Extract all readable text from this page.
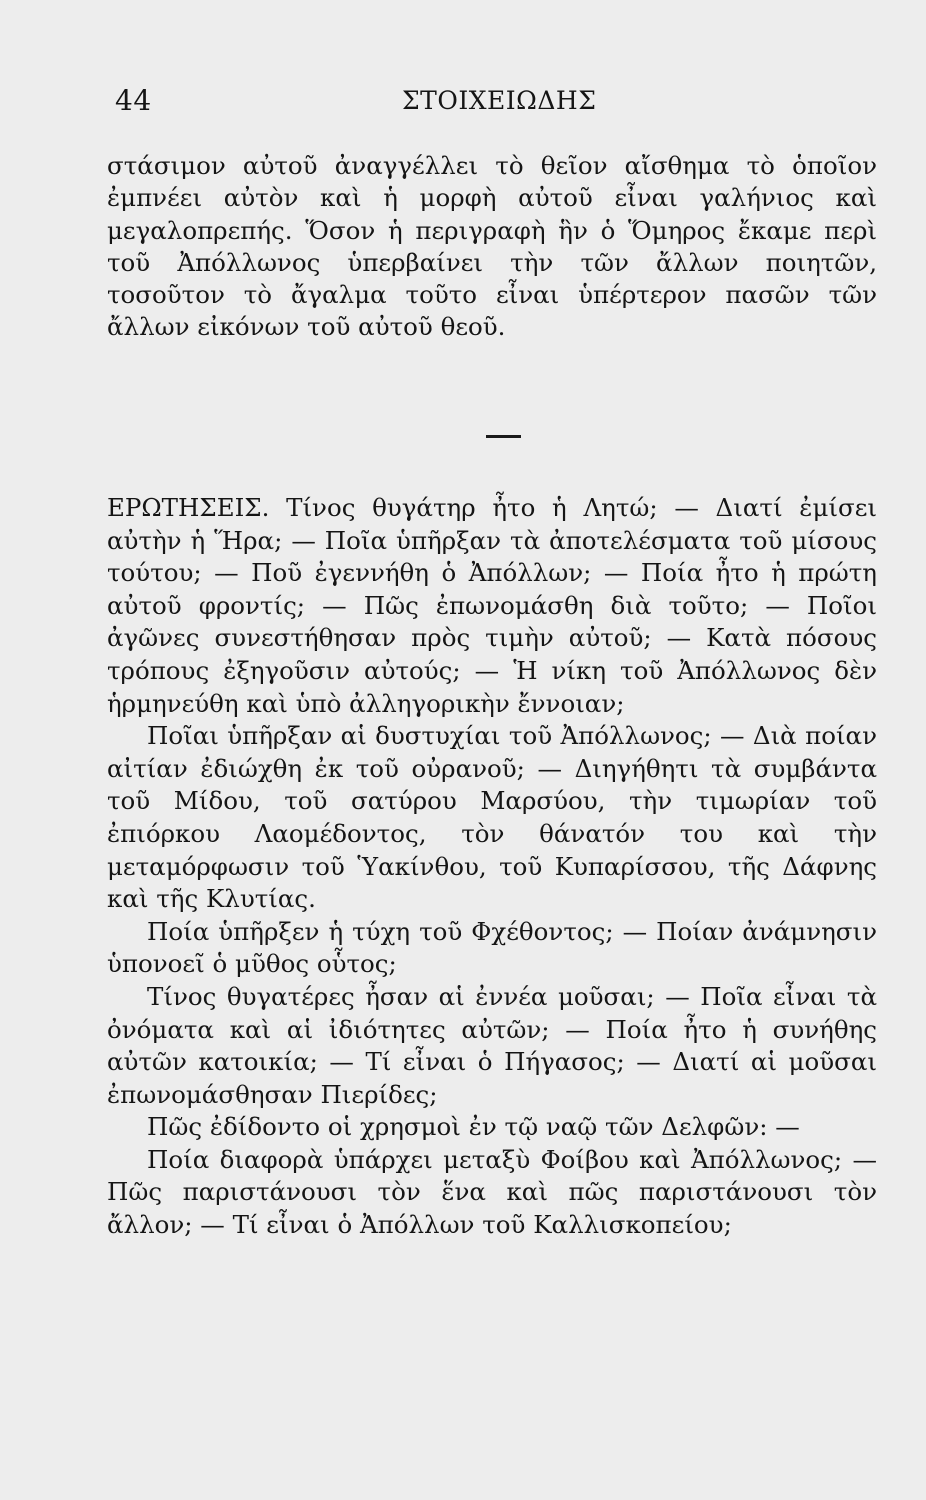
44	ΣΤΟΙΧΕΙΩΔΗΣ

στάσιμον αὐτοῦ ἀναγγέλλει τὸ θεῖον αἴσθημα τὸ ὁποῖον ἐμπνέει αὐτὸν καὶ ἡ μορφὴ αὐτοῦ εἶναι γαλήνιος καὶ μεγαλοπρεπής. Ὅσον ἡ περιγραφὴ ἣν ὁ Ὅμηρος ἔκαμε περὶ τοῦ Ἀπόλλωνος ὑπερβαίνει τὴν τῶν ἄλλων ποιητῶν, τοσοῦτον τὸ ἄγαλμα τοῦτο εἶναι ὑπέρτερον πασῶν τῶν ἄλλων εἰκόνων τοῦ αὐτοῦ θεοῦ.

ΕΡΩΤΗΣΕΙΣ. Τίνος θυγάτηρ ἦτο ἡ Λητώ; — Διατί ἐμίσει αὐτὴν ἡ Ἥρα; — Ποῖα ὑπῆρξαν τὰ ἀποτελέσματα τοῦ μίσους τούτου; — Ποῦ ἐγεννήθη ὁ Ἀπόλλων; — Ποία ἦτο ἡ πρώτη αὐτοῦ φροντίς; — Πῶς ἐπωνομάσθη διὰ τοῦτο; — Ποῖοι ἀγῶνες συνεστήθησαν πρὸς τιμὴν αὐτοῦ; — Κατὰ πόσους τρόπους ἐξηγοῦσιν αὐτούς; — Ἡ νίκη τοῦ Ἀπόλλωνος δὲν ἡρμηνεύθη καὶ ὑπὸ ἀλληγορικὴν ἔννοιαν;

Ποῖαι ὑπῆρξαν αἱ δυστυχίαι τοῦ Ἀπόλλωνος; — Διὰ ποίαν αἰτίαν ἐδιώχθη ἐκ τοῦ οὐρανοῦ; — Διηγήθητι τὰ συμβάντα τοῦ Μίδου, τοῦ σατύρου Μαρσύου, τὴν τιμωρίαν τοῦ ἐπιόρκου Λαομέδοντος, τὸν θάνατόν του καὶ τὴν μεταμόρφωσιν τοῦ Ὑακίνθου, τοῦ Κυπαρίσσου, τῆς Δάφνης καὶ τῆς Κλυτίας.

Ποία ὑπῆρξεν ἡ τύχη τοῦ Φχέθοντος; — Ποίαν ἀνάμνησιν ὑπονοεῖ ὁ μῦθος οὗτος;

Τίνος θυγατέρες ἦσαν αἱ ἐννέα μοῦσαι; — Ποῖα εἶναι τὰ ὀνόματα καὶ αἱ ἰδιότητες αὐτῶν; — Ποία ἦτο ἡ συνήθης αὐτῶν κατοικία; — Τί εἶναι ὁ Πήγασος; — Διατί αἱ μοῦσαι ἐπωνομάσθησαν Πιερίδες;

Πῶς ἐδίδοντο οἱ χρησμοὶ ἐν τῷ ναῷ τῶν Δελφῶν: —

Ποία διαφορὰ ὑπάρχει μεταξὺ Φοίβου καὶ Ἀπόλλωνος; — Πῶς παριστάνουσι τὸν ἕνα καὶ πῶς παριστάνουσι τὸν ἄλλον; — Τί εἶναι ὁ Ἀπόλλων τοῦ Καλλισκοπείου;
